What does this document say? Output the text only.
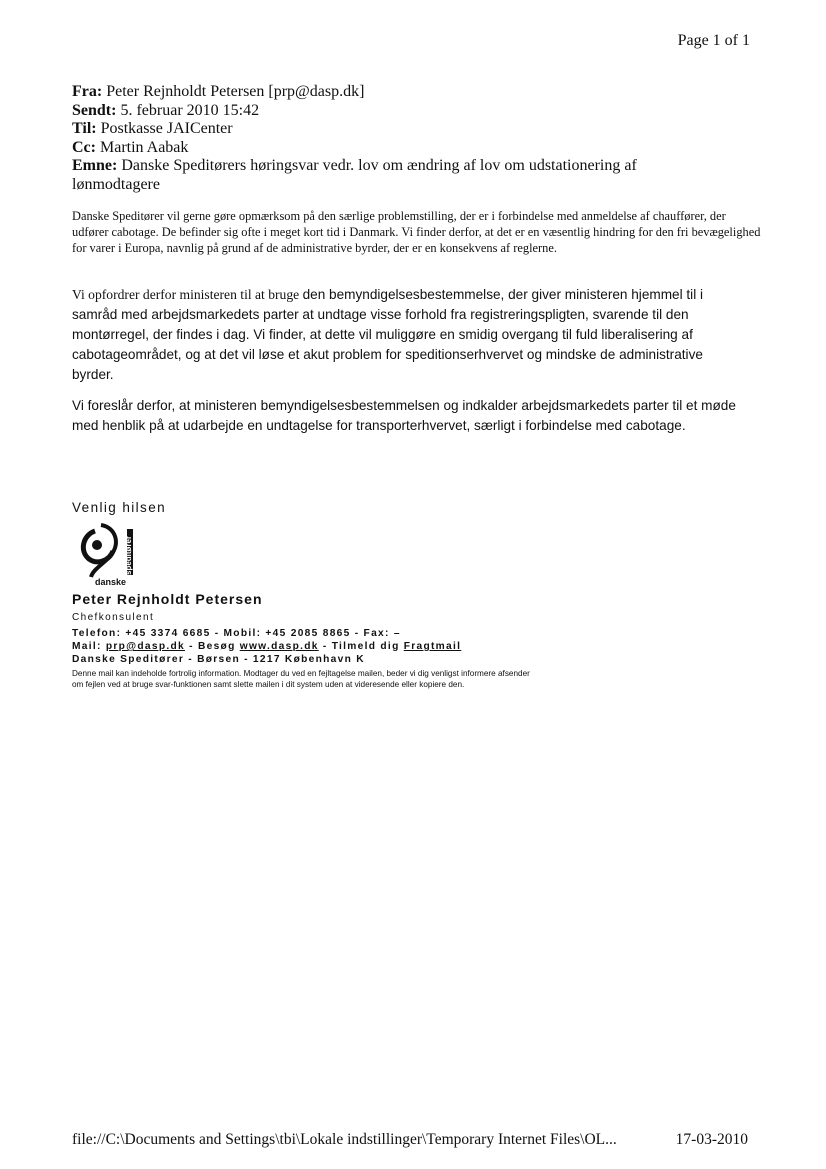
Page 1 of 1
Fra: Peter Rejnholdt Petersen [prp@dasp.dk]
Sendt: 5. februar 2010 15:42
Til: Postkasse JAICenter
Cc: Martin Aabak
Emne: Danske Speditørers høringsvar vedr. lov om ændring af lov om udstationering af lønmodtagere
Danske Speditører vil gerne gøre opmærksom på den særlige problemstilling, der er i forbindelse med anmeldelse af chauffører, der udfører cabotage. De befinder sig ofte i meget kort tid i Danmark. Vi finder derfor, at det er en væsentlig hindring for den fri bevægelighed for varer i Europa, navnlig på grund af de administrative byrder, der er en konsekvens af reglerne.
Vi opfordrer derfor ministeren til at bruge den bemyndigelsesbestemmelse, der giver ministeren hjemmel til i samråd med arbejdsmarkedets parter at undtage visse forhold fra registreringspligten, svarende til den montørregel, der findes i dag. Vi finder, at dette vil muliggøre en smidig overgang til fuld liberalisering af cabotageområdet, og at det vil løse et akut problem for speditionserhvervet og mindske de administrative byrder.
Vi foreslår derfor, at ministeren bemyndigelsesbestemmelsen og indkalder arbejdsmarkedets parter til et møde med henblik på at udarbejde en undtagelse for transporterhvervet, særligt i forbindelse med cabotage.
Venlig hilsen
speditører
danske
Peter Rejnholdt Petersen
Chefkonsulent
Telefon: +45 3374 6685 - Mobil: +45 2085 8865 - Fax: –
Mail: prp@dasp.dk - Besøg www.dasp.dk - Tilmeld dig Fragtmail
Danske Speditører - Børsen - 1217 København K
Denne mail kan indeholde fortrolig information. Modtager du ved en fejltagelse mailen, beder vi dig venligst informere afsender om fejlen ved at bruge svar-funktionen samt slette mailen i dit system uden at videresende eller kopiere den.
file://C:\Documents and Settings\tbi\Lokale indstillinger\Temporary Internet Files\OL...	17-03-2010
